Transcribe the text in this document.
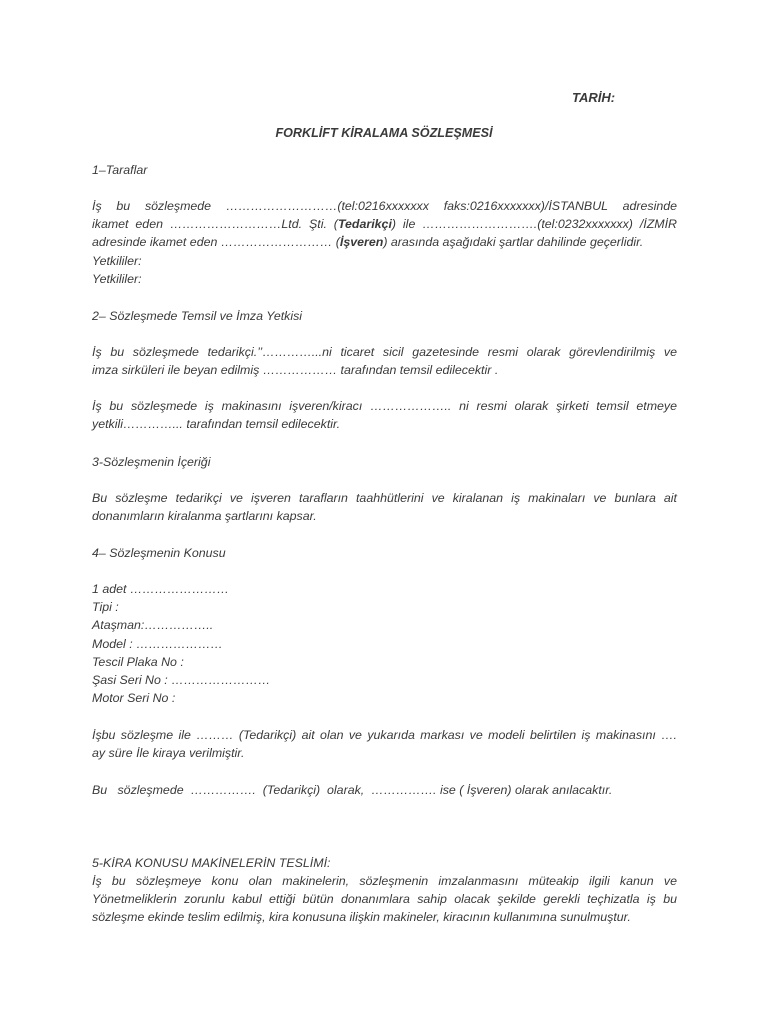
TARİH:
FORKLİFT KİRALAMA SÖZLEŞMESİ
1–Taraflar
İş bu sözleşmede ………………………(tel:0216xxxxxxx faks:0216xxxxxxx)/İSTANBUL adresinde
ikamet eden ………………………Ltd. Şti. (Tedarikçi) ile ……………………….(tel:0232xxxxxxx) /İZMİR
adresinde ikamet eden ……………………… (İşveren) arasında aşağıdaki şartlar dahilinde geçerlidir.
Yetkililer:
Yetkililer:
2– Sözleşmede Temsil ve İmza Yetkisi
İş bu sözleşmede tedarikçi.’’…………...ni ticaret sicil gazetesinde resmi olarak görevlendirilmiş ve
imza sirküleri ile beyan edilmiş ……………… tarafından temsil edilecektir .
İş bu sözleşmede iş makinasını işveren/kiracı ……………….. ni resmi olarak şirketi temsil etmeye
yetkili…………... tarafından temsil edilecektir.
3-Sözleşmenin İçeriği
Bu sözleşme tedarikçi ve işveren tarafların taahhütlerini ve kiralanan iş makinaları ve bunlara ait
donanımların kiralanma şartlarını kapsar.
4– Sözleşmenin Konusu
1 adet ……………………
Tipi :
Ataşman:……………..
Model : …………………
Tescil Plaka No :
Şasi Seri No : ……………………
Motor Seri No :
İşbu sözleşme ile ……… (Tedarikçi) ait olan ve yukarıda markası ve modeli belirtilen iş makinasını ….
ay süre İle kiraya verilmiştir.
Bu   sözleşmede  …………….  (Tedarikçi)  olarak,  ……………. ise ( İşveren) olarak anılacaktır.
5-KİRA KONUSU MAKİNELERİN TESLİMİ:
İş bu sözleşmeye konu olan makinelerin, sözleşmenin imzalanmasını müteakip ilgili kanun ve
Yönetmeliklerin zorunlu kabul ettiği bütün donanımlara sahip olacak şekilde gerekli teçhizatla iş bu
sözleşme ekinde teslim edilmiş, kira konusuna ilişkin makineler, kiracının kullanımına sunulmuştur.
